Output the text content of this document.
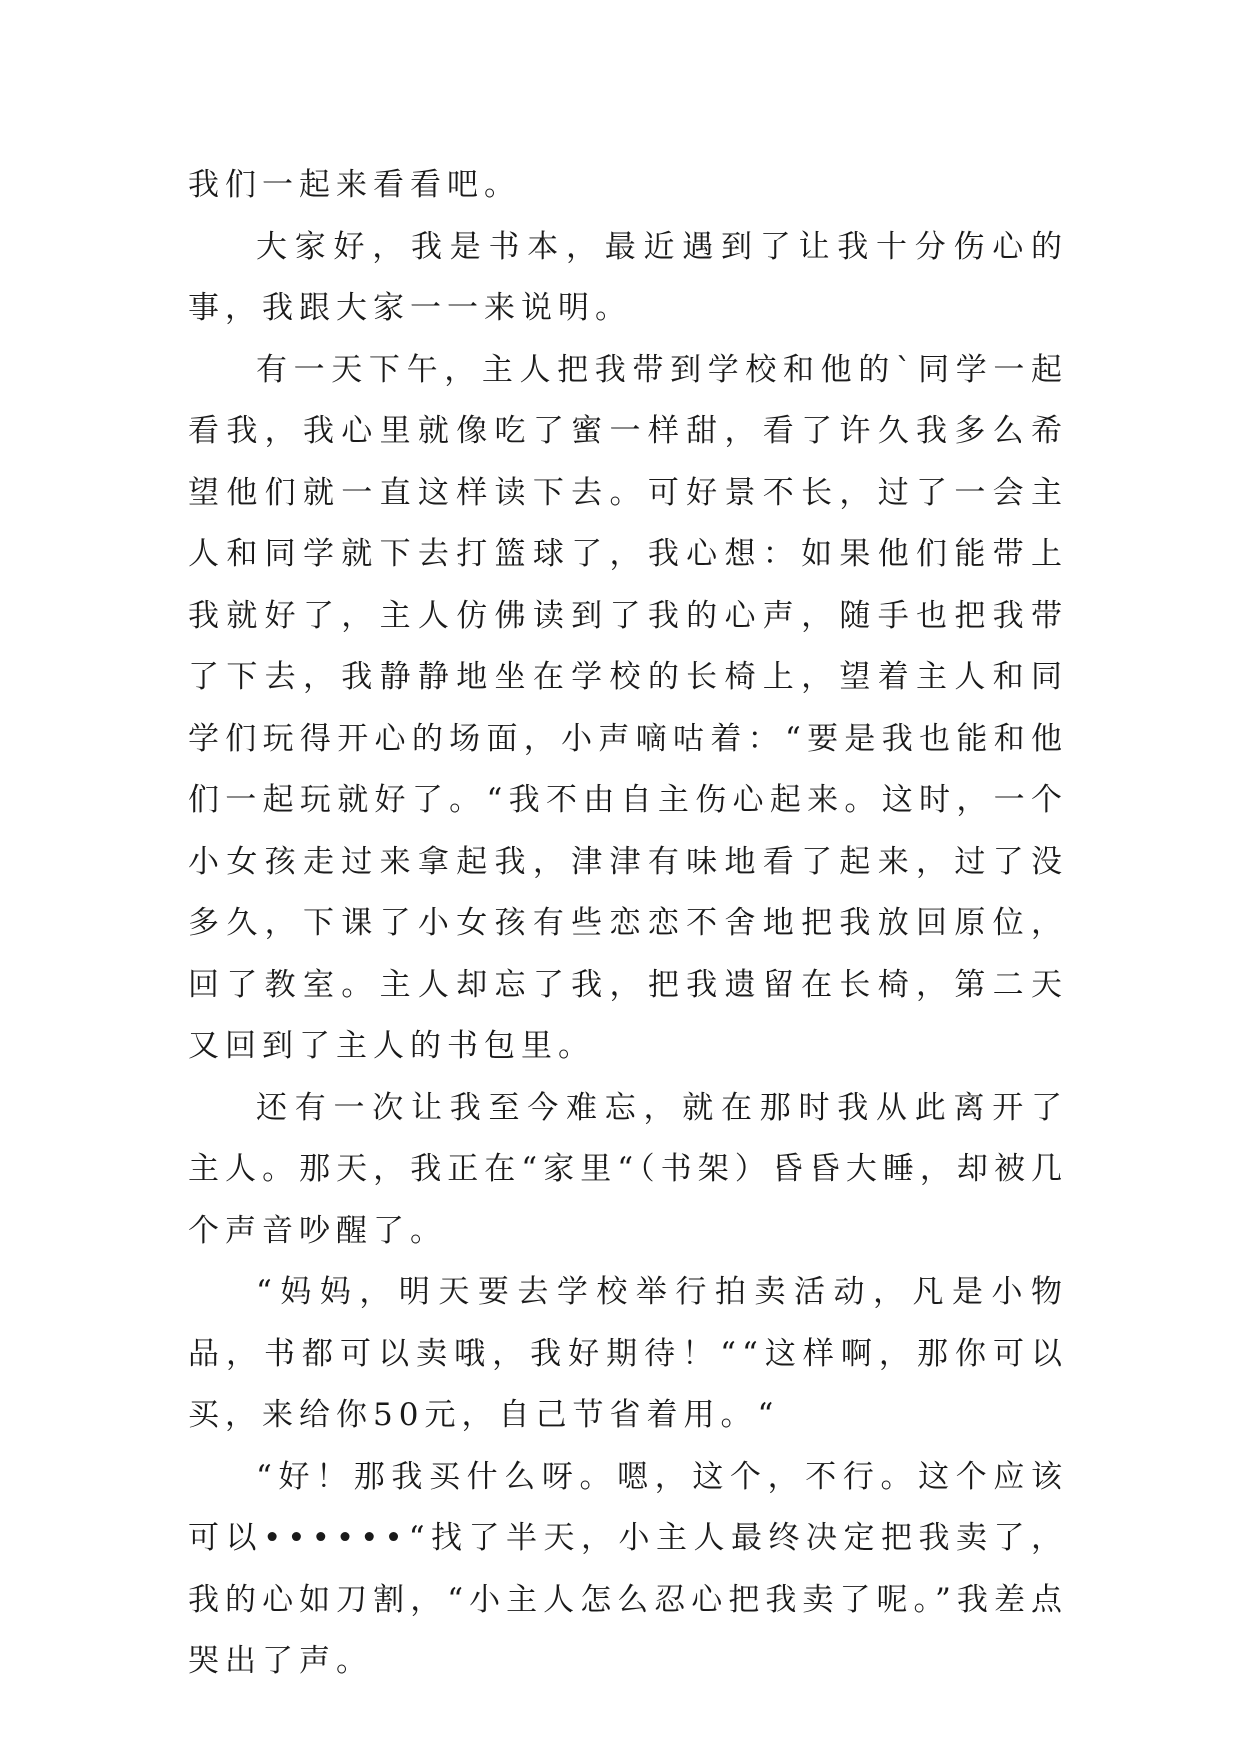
我们一起来看看吧。

大家好，我是书本，最近遇到了让我十分伤心的事，我跟大家一一来说明。

有一天下午，主人把我带到学校和他的`同学一起看我，我心里就像吃了蜜一样甜，看了许久我多么希望他们就一直这样读下去。可好景不长，过了一会主人和同学就下去打篮球了，我心想：如果他们能带上我就好了，主人仿佛读到了我的心声，随手也把我带了下去，我静静地坐在学校的长椅上，望着主人和同学们玩得开心的场面，小声嘀咕着：“要是我也能和他们一起玩就好了。“我不由自主伤心起来。这时，一个小女孩走过来拿起我，津津有味地看了起来，过了没多久，下课了小女孩有些恋恋不舍地把我放回原位，回了教室。主人却忘了我，把我遗留在长椅，第二天又回到了主人的书包里。

还有一次让我至今难忘，就在那时我从此离开了主人。那天，我正在“家里“（书架）昏昏大睡，却被几个声音吵醒了。

“妈妈，明天要去学校举行拍卖活动，凡是小物品，书都可以卖哦，我好期待！““这样啊，那你可以买，来给你50元，自己节省着用。“

“好！那我买什么呀。嗯，这个，不行。这个应该可以••••••“找了半天，小主人最终决定把我卖了，我的心如刀割，“小主人怎么忍心把我卖了呢。”我差点哭出了声。
